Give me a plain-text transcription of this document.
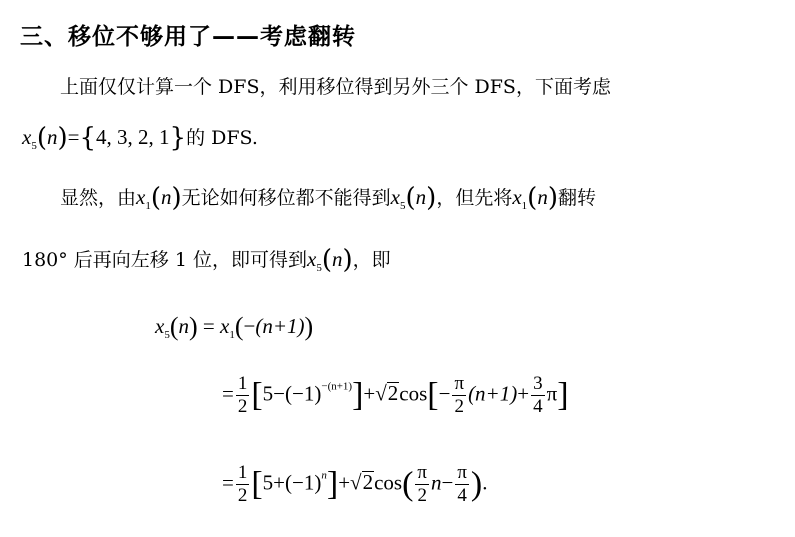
三、移位不够用了——考虑翻转
上面仅仅计算一个 DFS，利用移位得到另外三个 DFS，下面考虑
$x_5(n)=\{4$, 3, 2, 1}的 DFS.
显然，由$x_1(n)$无论如何移位都不能得到$x_5(n)$，但先将$x_1(n)$翻转
180° 后再向左移 1 位，即可得到$x_5(n)$，即
$x_5(n) = x_1(-(n+1))$
= $\frac{1}{2} [5-(-1)^{-(n+1)}]+√2\cos[- \frac{\pi}{2} (n+1)+ \frac{3}{4} \pi]$
= $\frac{1}{2} [5+(-1)^n]+√2\cos( \frac{\pi}{2} n- \frac{\pi}{4}$ ).
